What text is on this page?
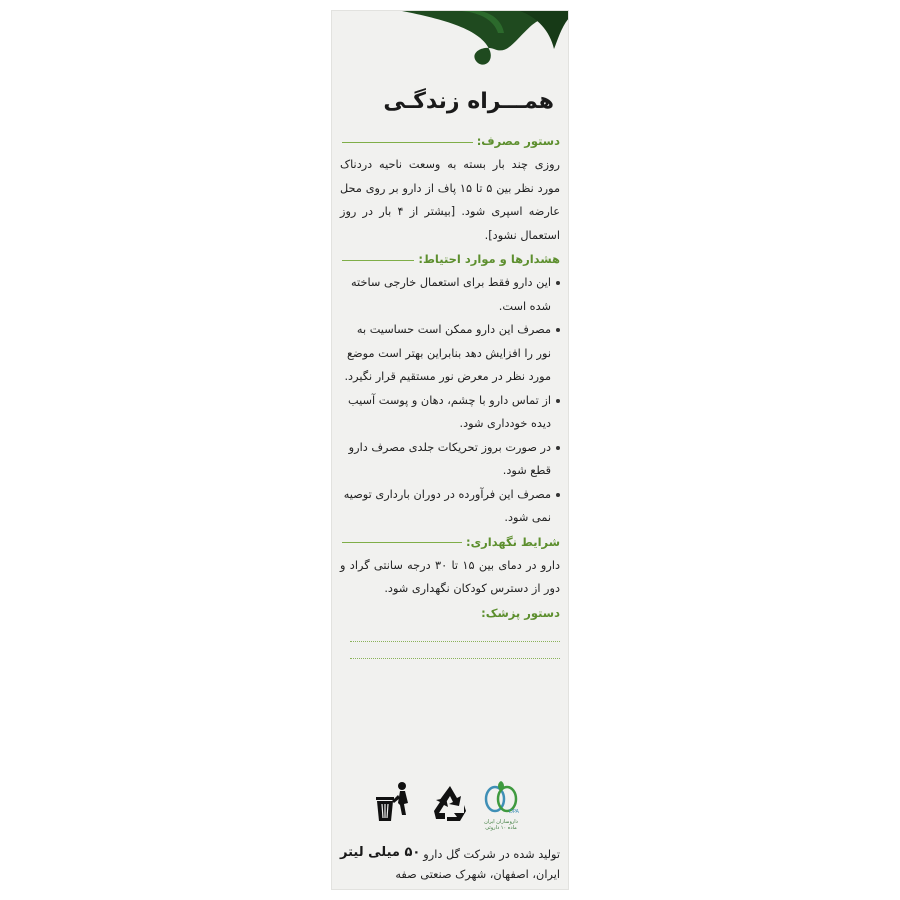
همـــراه زندگـی
دستور مصرف:

روزی چند بار بسته به وسعت ناحیه دردناک مورد نظر بین ۵ تا ۱۵ پاف از دارو بر روی محل عارضه اسپری شود. [بیشتر از ۴ بار در روز استعمال نشود].

هشدارها و موارد احتیاط:
این دارو فقط برای استعمال خارجی ساخته شده است.
مصرف این دارو ممکن است حساسیت به نور را افزایش دهد بنابراین بهتر است موضع مورد نظر در معرض نور مستقیم قرار نگیرد.
از تماس دارو با چشم، دهان و پوست آسیب دیده خودداری شود.
در صورت بروز تحریکات جلدی مصرف دارو قطع شود.
مصرف این فرآورده در دوران بارداری توصیه نمی شود.
شرایط نگهداری:

دارو در دمای بین ۱۵ تا ۳۰ درجه سانتی گراد و دور از دسترس کودکان نگهداری شود.

دستور پزشک:
DPA
داروسازان ایران ماده ۱۰ داروئی
تولید شده در شرکت گل دارو
ایران، اصفهان، شهرک صنعتی صفه
۵۰ میلی لیتر
